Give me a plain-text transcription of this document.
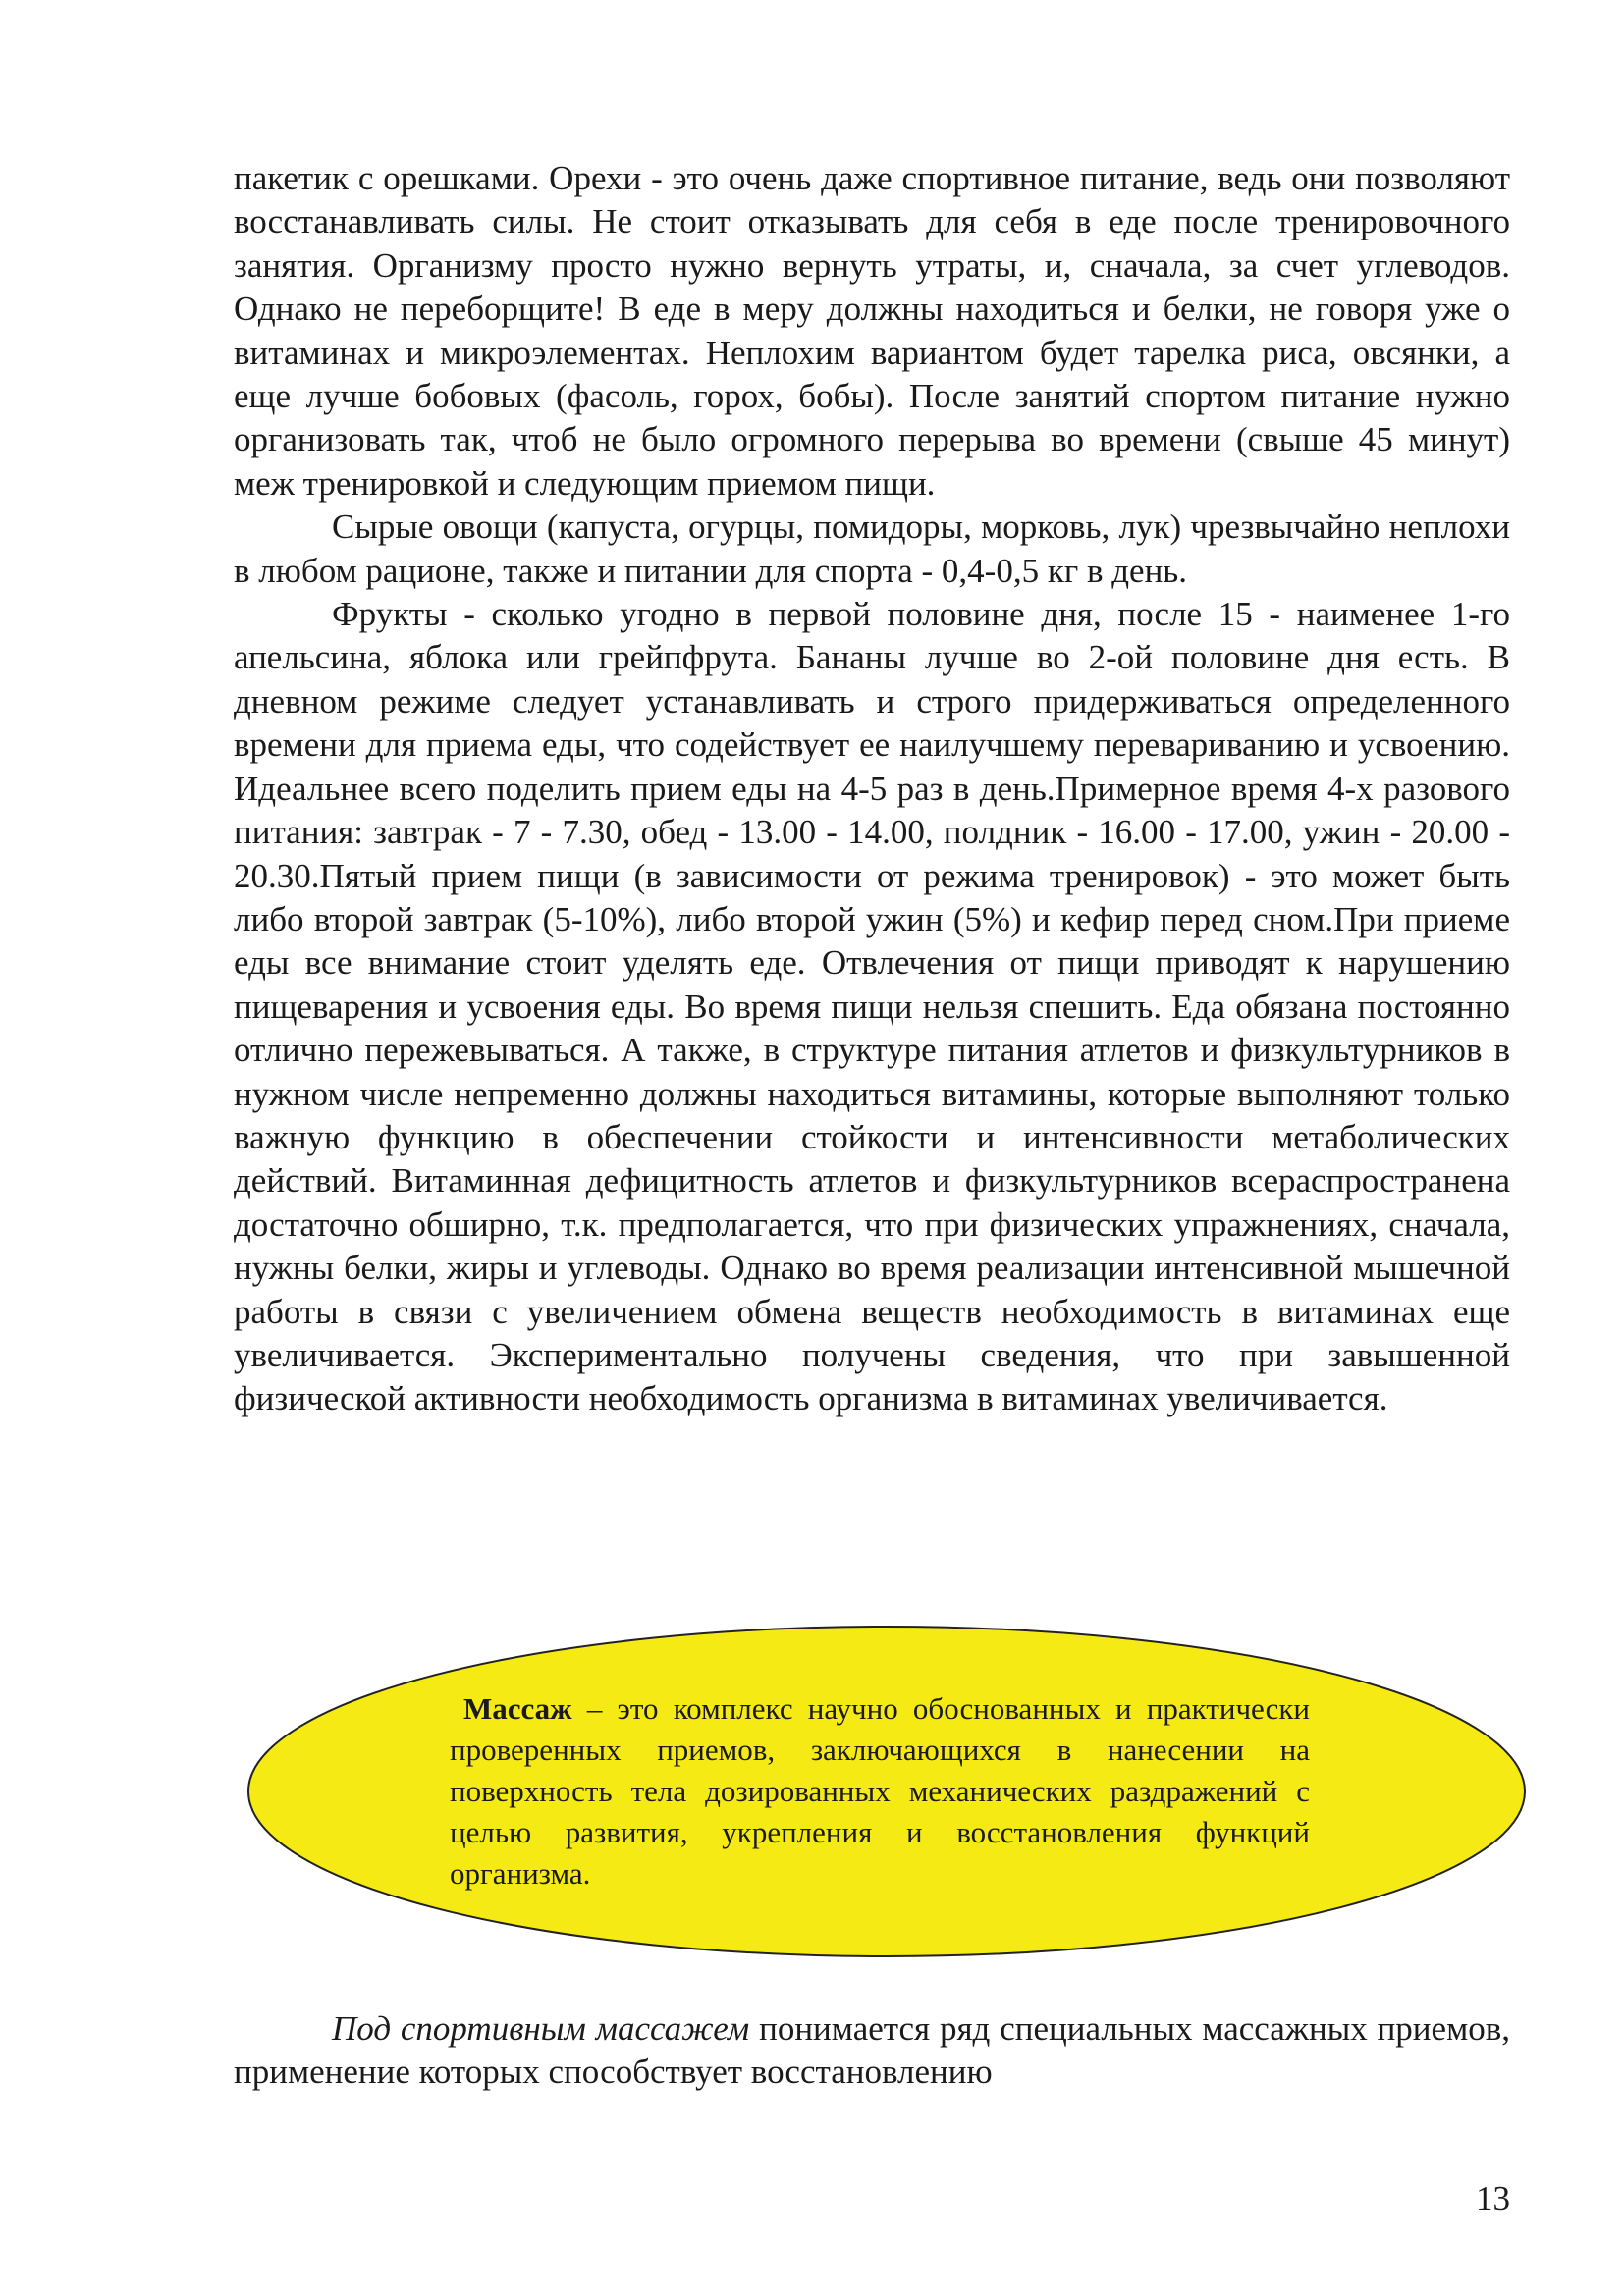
пакетик с орешками. Орехи - это очень даже спортивное питание, ведь они позволяют восстанавливать силы. Не стоит отказывать для себя в еде после тренировочного занятия. Организму просто нужно вернуть утраты, и, сначала, за счет углеводов. Однако не переборщите! В еде в меру должны находиться и белки, не говоря уже о витаминах и микроэлементах. Неплохим вариантом будет тарелка риса, овсянки, а еще лучше бобовых (фасоль, горох, бобы). После занятий спортом питание нужно организовать так, чтоб не было огромного перерыва во времени (свыше 45 минут) меж тренировкой и следующим приемом пищи.

Сырые овощи (капуста, огурцы, помидоры, морковь, лук) чрезвычайно неплохи в любом рационе, также и питании для спорта - 0,4-0,5 кг в день.

Фрукты - сколько угодно в первой половине дня, после 15 - наименее 1-го апельсина, яблока или грейпфрута. Бананы лучше во 2-ой половине дня есть. В дневном режиме следует устанавливать и строго придерживаться определенного времени для приема еды, что содействует ее наилучшему перевариванию и усвоению. Идеальнее всего поделить прием еды на 4-5 раз в день.Примерное время 4-х разового питания: завтрак - 7 - 7.30, обед - 13.00 - 14.00, полдник - 16.00 - 17.00, ужин - 20.00 - 20.30.Пятый прием пищи (в зависимости от режима тренировок) - это может быть либо второй завтрак (5-10%), либо второй ужин (5%) и кефир перед сном.При приеме еды все внимание стоит уделять еде. Отвлечения от пищи приводят к нарушению пищеварения и усвоения еды. Во время пищи нельзя спешить. Еда обязана постоянно отлично пережевываться. А также, в структуре питания атлетов и физкультурников в нужном числе непременно должны находиться витамины, которые выполняют только важную функцию в обеспечении стойкости и интенсивности метаболических действий. Витаминная дефицитность атлетов и физкультурников всераспространена достаточно обширно, т.к. предполагается, что при физических упражнениях, сначала, нужны белки, жиры и углеводы. Однако во время реализации интенсивной мышечной работы в связи с увеличением обмена веществ необходимость в витаминах еще увеличивается. Экспериментально получены сведения, что при завышенной физической активности необходимость организма в витаминах увеличивается.

Массаж – это комплекс научно обоснованных и практически проверенных приемов, заключающихся в нанесении на поверхность тела дозированных механических раздражений с целью развития, укрепления и восстановления функций организма.

Под спортивным массажем понимается ряд специальных массажных приемов, применение которых способствует восстановлению

13
